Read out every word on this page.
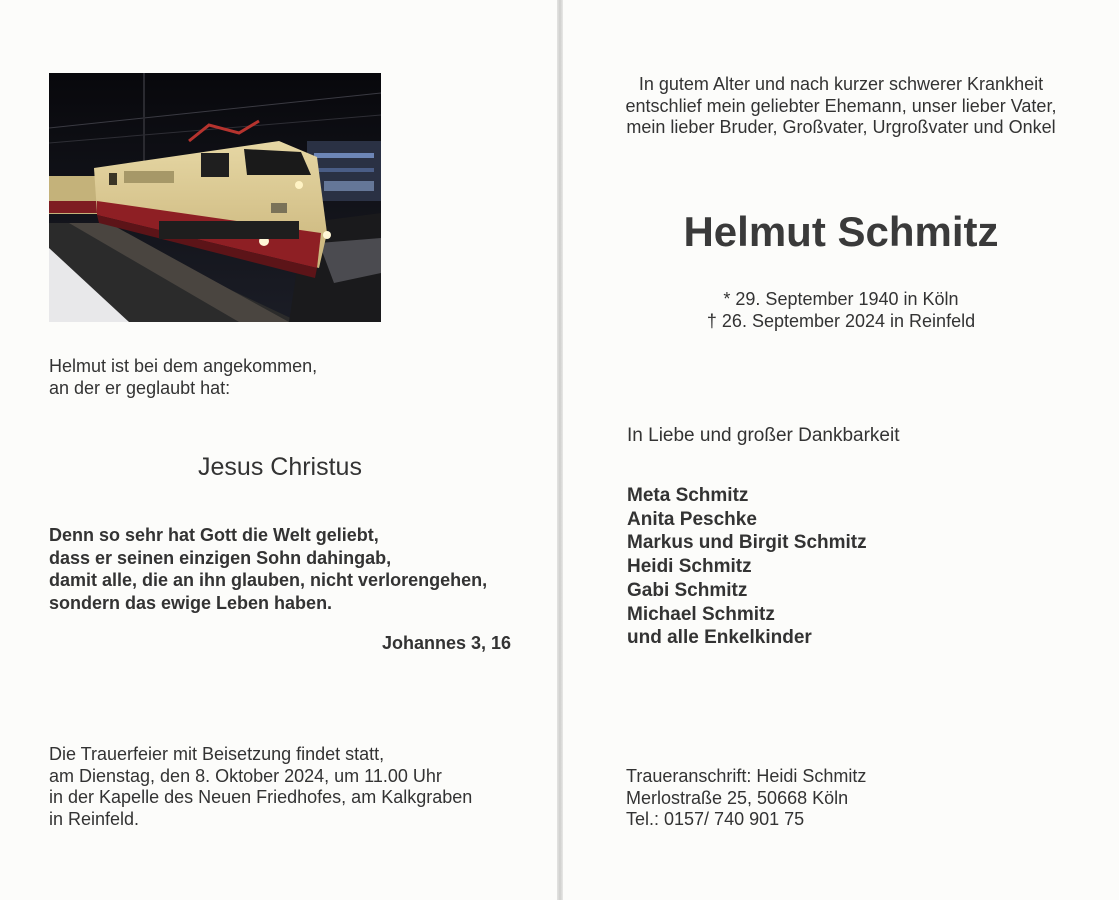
Helmut ist bei dem angekommen,
an der er geglaubt hat:
Jesus Christus
Denn so sehr hat Gott die Welt geliebt,
dass er seinen einzigen Sohn dahingab,
damit alle, die an ihn glauben, nicht verlorengehen,
sondern das ewige Leben haben.
Johannes 3, 16
Die Trauerfeier mit Beisetzung findet statt,
am Dienstag, den 8. Oktober 2024, um 11.00 Uhr
in der Kapelle des Neuen Friedhofes, am Kalkgraben
in Reinfeld.
In gutem Alter und nach kurzer schwerer Krankheit
entschlief mein geliebter Ehemann, unser lieber Vater,
mein lieber Bruder, Großvater, Urgroßvater und Onkel
Helmut Schmitz
* 29. September 1940 in Köln
† 26. September 2024 in Reinfeld
In Liebe und großer Dankbarkeit
Meta Schmitz
Anita Peschke
Markus und Birgit Schmitz
Heidi Schmitz
Gabi Schmitz
Michael Schmitz
und alle Enkelkinder
Traueranschrift: Heidi Schmitz
Merlostraße 25, 50668 Köln
Tel.: 0157/ 740 901 75
